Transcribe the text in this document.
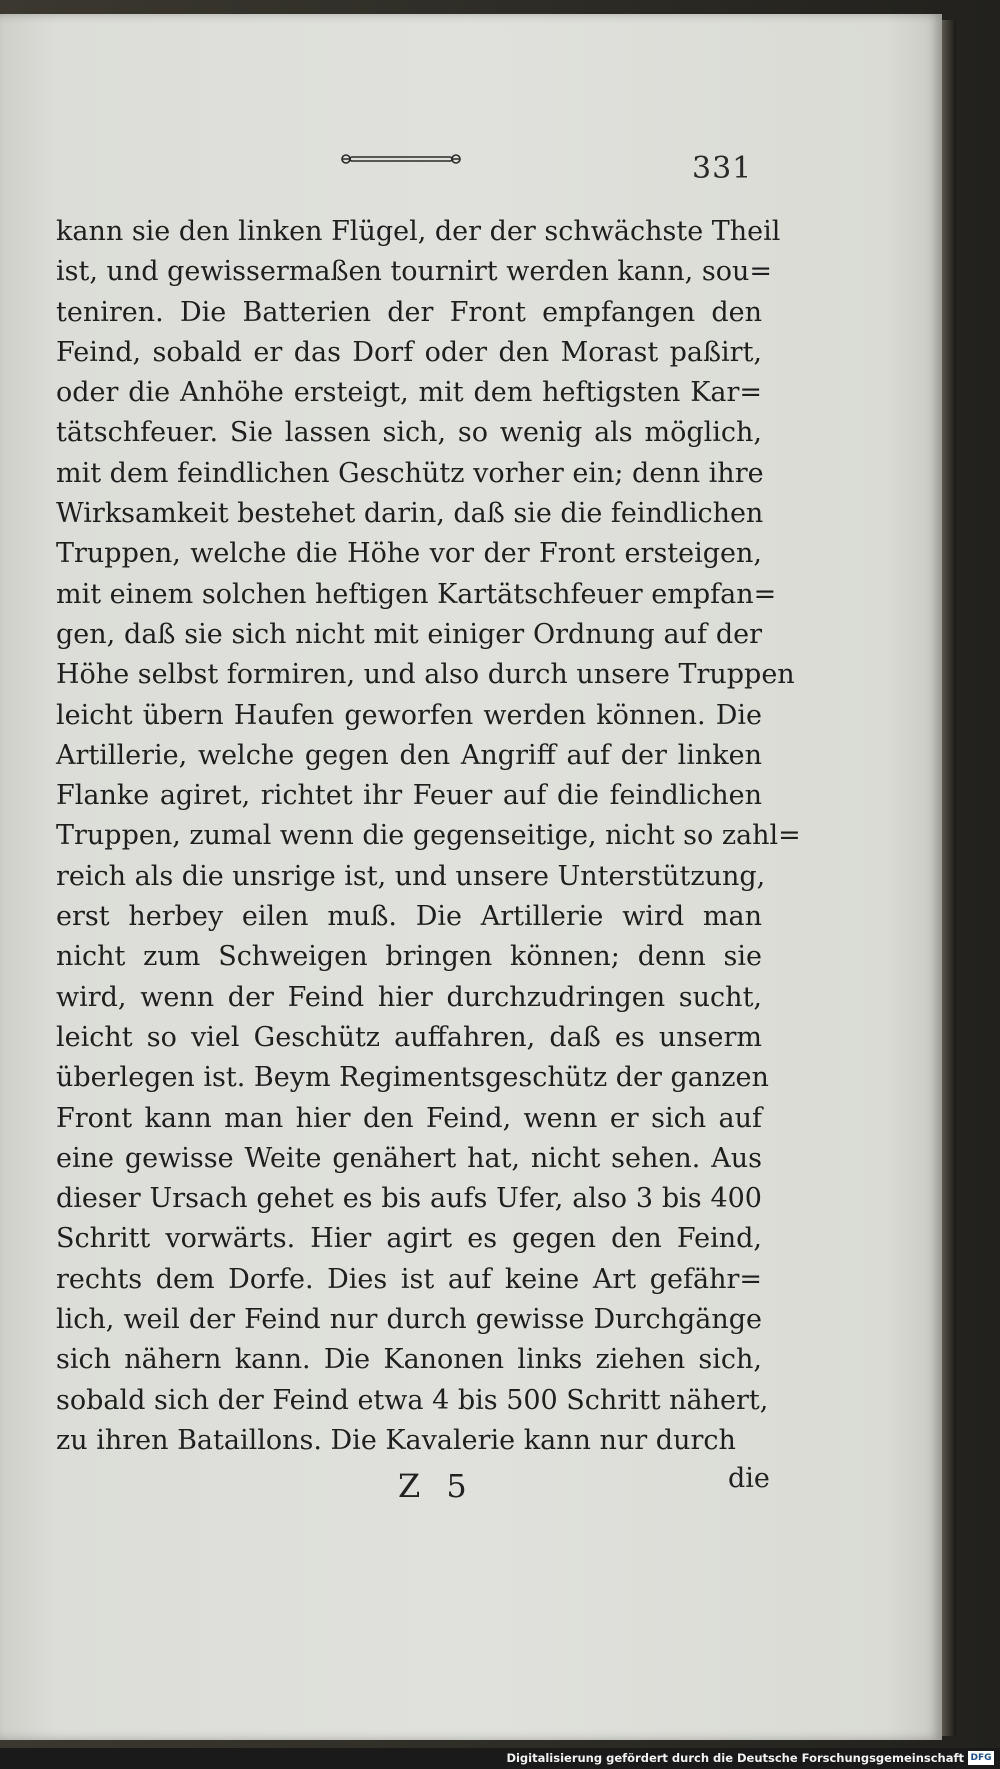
331
kann sie den linken Flügel, der der schwächste Theil
ist, und gewissermaßen tournirt werden kann, sou=
teniren. Die Batterien der Front empfangen den
Feind, sobald er das Dorf oder den Morast paßirt,
oder die Anhöhe ersteigt, mit dem heftigsten Kar=
tätschfeuer. Sie lassen sich, so wenig als möglich,
mit dem feindlichen Geschütz vorher ein; denn ihre
Wirksamkeit bestehet darin, daß sie die feindlichen
Truppen, welche die Höhe vor der Front ersteigen,
mit einem solchen heftigen Kartätschfeuer empfan=
gen, daß sie sich nicht mit einiger Ordnung auf der
Höhe selbst formiren, und also durch unsere Truppen
leicht übern Haufen geworfen werden können. Die
Artillerie, welche gegen den Angriff auf der linken
Flanke agiret, richtet ihr Feuer auf die feindlichen
Truppen, zumal wenn die gegenseitige, nicht so zahl=
reich als die unsrige ist, und unsere Unterstützung,
erst herbey eilen muß. Die Artillerie wird man
nicht zum Schweigen bringen können; denn sie
wird, wenn der Feind hier durchzudringen sucht,
leicht so viel Geschütz auffahren, daß es unserm
überlegen ist. Beym Regimentsgeschütz der ganzen
Front kann man hier den Feind, wenn er sich auf
eine gewisse Weite genähert hat, nicht sehen. Aus
dieser Ursach gehet es bis aufs Ufer, also 3 bis 400
Schritt vorwärts. Hier agirt es gegen den Feind,
rechts dem Dorfe. Dies ist auf keine Art gefähr=
lich, weil der Feind nur durch gewisse Durchgänge
sich nähern kann. Die Kanonen links ziehen sich,
sobald sich der Feind etwa 4 bis 500 Schritt nähert,
zu ihren Bataillons. Die Kavalerie kann nur durch
Z 5	die
Digitalisierung gefördert durch die Deutsche Forschungsgemeinschaft DFG
